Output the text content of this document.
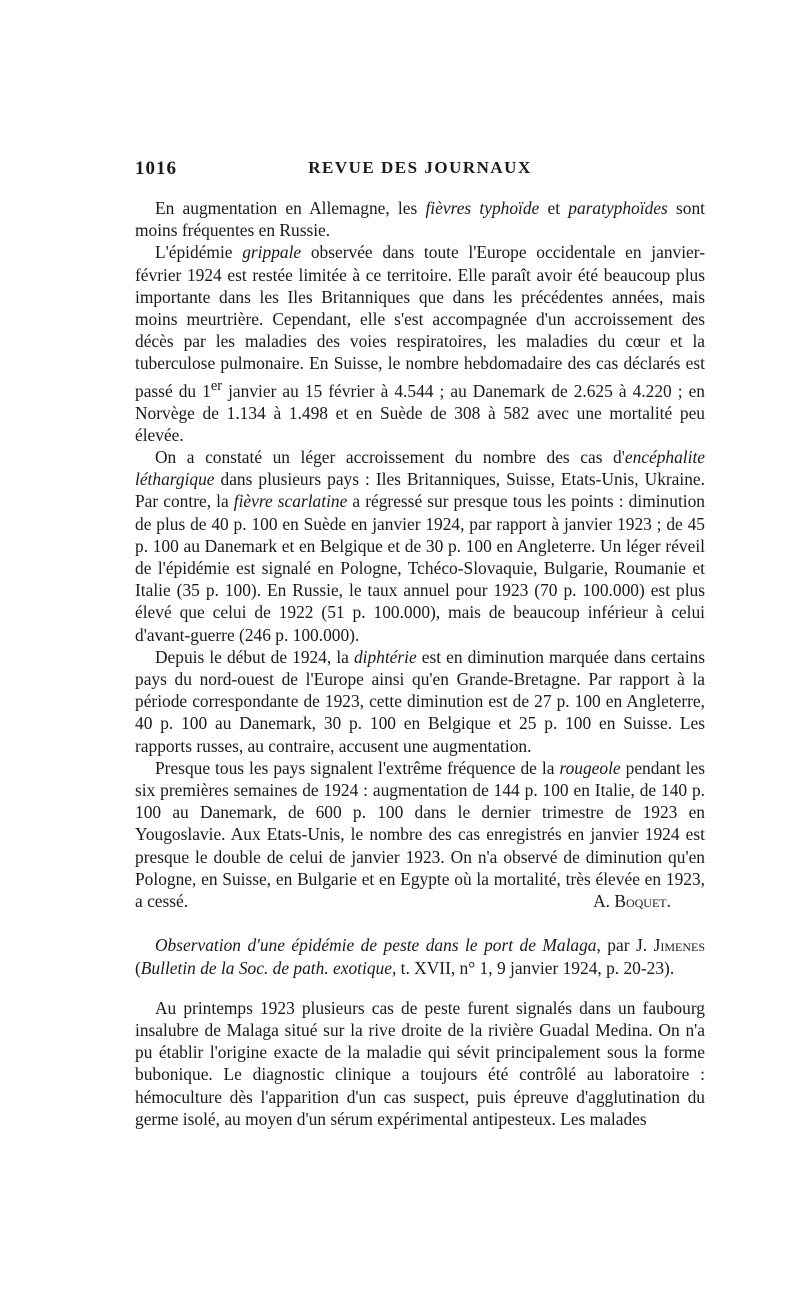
1016	REVUE DES JOURNAUX

En augmentation en Allemagne, les fièvres typhoïde et paratyphoïdes sont moins fréquentes en Russie.

L'épidémie grippale observée dans toute l'Europe occidentale en janvier-février 1924 est restée limitée à ce territoire. Elle paraît avoir été beaucoup plus importante dans les Iles Britanniques que dans les précédentes années, mais moins meurtrière. Cependant, elle s'est accompagnée d'un accroissement des décès par les maladies des voies respiratoires, les maladies du cœur et la tuberculose pulmonaire. En Suisse, le nombre hebdomadaire des cas déclarés est passé du 1er janvier au 15 février à 4.544 ; au Danemark de 2.625 à 4.220 ; en Norvège de 1.134 à 1.498 et en Suède de 308 à 582 avec une mortalité peu élevée.

On a constaté un léger accroissement du nombre des cas d'encéphalite léthargique dans plusieurs pays : Iles Britanniques, Suisse, Etats-Unis, Ukraine. Par contre, la fièvre scarlatine a régressé sur presque tous les points : diminution de plus de 40 p. 100 en Suède en janvier 1924, par rapport à janvier 1923 ; de 45 p. 100 au Danemark et en Belgique et de 30 p. 100 en Angleterre. Un léger réveil de l'épidémie est signalé en Pologne, Tchéco-Slovaquie, Bulgarie, Roumanie et Italie (35 p. 100). En Russie, le taux annuel pour 1923 (70 p. 100.000) est plus élevé que celui de 1922 (51 p. 100.000), mais de beaucoup inférieur à celui d'avant-guerre (246 p. 100.000).

Depuis le début de 1924, la diphtérie est en diminution marquée dans certains pays du nord-ouest de l'Europe ainsi qu'en Grande-Bretagne. Par rapport à la période correspondante de 1923, cette diminution est de 27 p. 100 en Angleterre, 40 p. 100 au Danemark, 30 p. 100 en Belgique et 25 p. 100 en Suisse. Les rapports russes, au contraire, accusent une augmentation.

Presque tous les pays signalent l'extrême fréquence de la rougeole pendant les six premières semaines de 1924 : augmentation de 144 p. 100 en Italie, de 140 p. 100 au Danemark, de 600 p. 100 dans le dernier trimestre de 1923 en Yougoslavie. Aux Etats-Unis, le nombre des cas enregistrés en janvier 1924 est presque le double de celui de janvier 1923. On n'a observé de diminution qu'en Pologne, en Suisse, en Bulgarie et en Egypte où la mortalité, très élevée en 1923, a cessé.	A. Boquet.

Observation d'une épidémie de peste dans le port de Malaga, par J. Jimenes (Bulletin de la Soc. de path. exotique, t. XVII, n° 1, 9 janvier 1924, p. 20-23).

Au printemps 1923 plusieurs cas de peste furent signalés dans un faubourg insalubre de Malaga situé sur la rive droite de la rivière Guadal Medina. On n'a pu établir l'origine exacte de la maladie qui sévit principalement sous la forme bubonique. Le diagnostic clinique a toujours été contrôlé au laboratoire : hémoculture dès l'apparition d'un cas suspect, puis épreuve d'agglutination du germe isolé, au moyen d'un sérum expérimental antipesteux. Les malades
